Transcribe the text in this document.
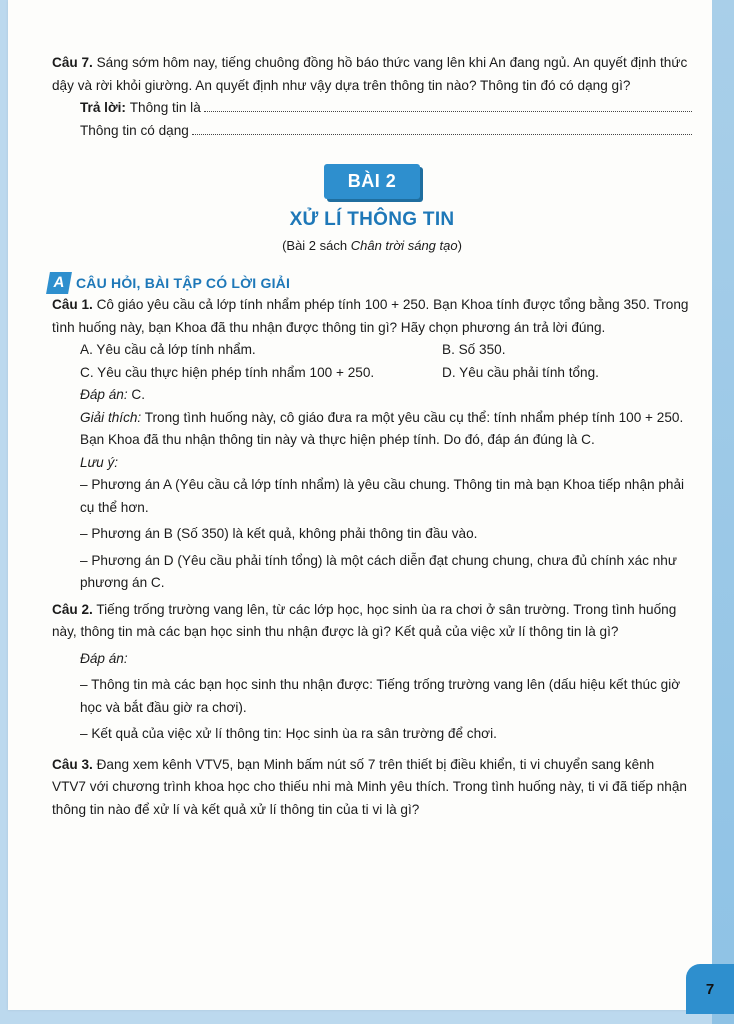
Câu 7. Sáng sớm hôm nay, tiếng chuông đồng hồ báo thức vang lên khi An đang ngủ. An quyết định thức dậy và rời khỏi giường. An quyết định như vậy dựa trên thông tin nào? Thông tin đó có dạng gì?

Trả lời:
Thông tin là
Thông tin có dạng
BÀI 2
XỬ LÍ THÔNG TIN
(Bài 2 sách Chân trời sáng tạo)
A CÂU HỎI, BÀI TẬP CÓ LỜI GIẢI

Câu 1. Cô giáo yêu cầu cả lớp tính nhẩm phép tính 100 + 250. Bạn Khoa tính được tổng bằng 350. Trong tình huống này, bạn Khoa đã thu nhận được thông tin gì? Hãy chọn phương án trả lời đúng.

A. Yêu cầu cả lớp tính nhẩm.	B. Số 350.
C. Yêu cầu thực hiện phép tính nhẩm 100 + 250.	D. Yêu cầu phải tính tổng.

Đáp án: C.

Giải thích: Trong tình huống này, cô giáo đưa ra một yêu cầu cụ thể: tính nhẩm phép tính 100 + 250. Bạn Khoa đã thu nhận thông tin này và thực hiện phép tính. Do đó, đáp án đúng là C.

Lưu ý:

– Phương án A (Yêu cầu cả lớp tính nhẩm) là yêu cầu chung. Thông tin mà bạn Khoa tiếp nhận phải cụ thể hơn.

– Phương án B (Số 350) là kết quả, không phải thông tin đầu vào.

– Phương án D (Yêu cầu phải tính tổng) là một cách diễn đạt chung chung, chưa đủ chính xác như phương án C.

Câu 2. Tiếng trống trường vang lên, từ các lớp học, học sinh ùa ra chơi ở sân trường. Trong tình huống này, thông tin mà các bạn học sinh thu nhận được là gì? Kết quả của việc xử lí thông tin là gì?

Đáp án:

– Thông tin mà các bạn học sinh thu nhận được: Tiếng trống trường vang lên (dấu hiệu kết thúc giờ học và bắt đầu giờ ra chơi).

– Kết quả của việc xử lí thông tin: Học sinh ùa ra sân trường để chơi.

Câu 3. Đang xem kênh VTV5, bạn Minh bấm nút số 7 trên thiết bị điều khiển, ti vi chuyển sang kênh VTV7 với chương trình khoa học cho thiếu nhi mà Minh yêu thích. Trong tình huống này, ti vi đã tiếp nhận thông tin nào để xử lí và kết quả xử lí thông tin của ti vi là gì?

7
